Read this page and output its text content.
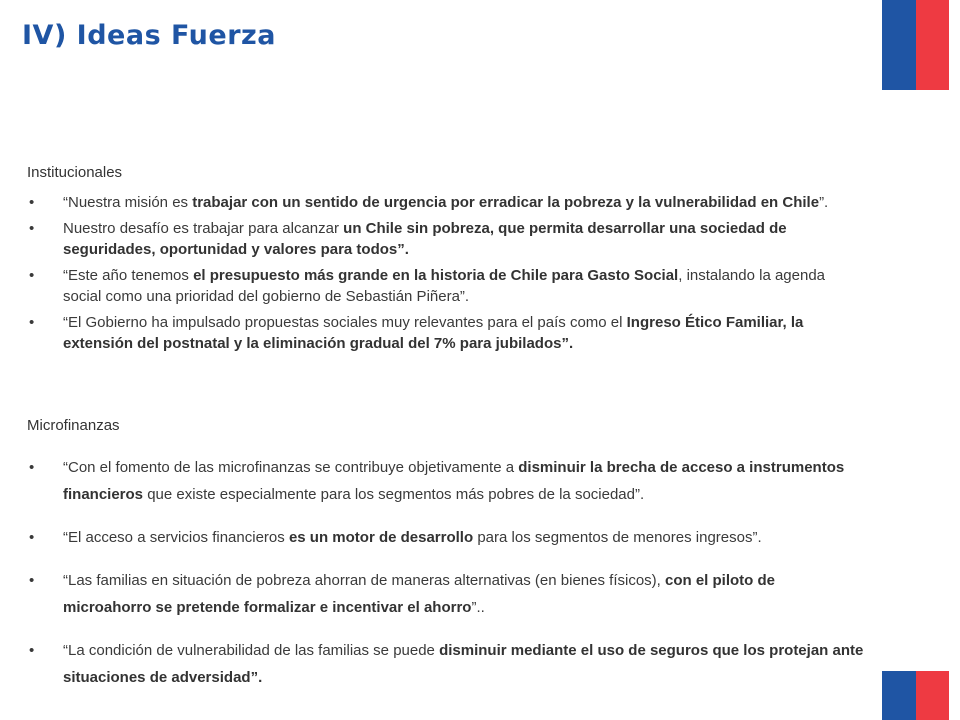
IV) Ideas Fuerza
Institucionales
• “Nuestra misión es trabajar con un sentido de urgencia por erradicar la pobreza y la vulnerabilidad en Chile”.
• Nuestro desafío es trabajar para alcanzar un Chile sin pobreza, que permita desarrollar una sociedad de seguridades, oportunidad y valores para todos”.
• “Este año tenemos el presupuesto más grande en la historia de Chile para Gasto Social, instalando la agenda social como una prioridad del gobierno de Sebastián Piñera”.
• “El Gobierno ha impulsado propuestas sociales muy relevantes para el país como el Ingreso Ético Familiar, la extensión del postnatal y la eliminación gradual del 7% para jubilados”.
Microfinanzas
• “Con el fomento de las microfinanzas se contribuye objetivamente a disminuir la brecha de acceso a instrumentos financieros que existe especialmente para los segmentos más pobres de la sociedad”.
• “El acceso a servicios financieros es un motor de desarrollo para los segmentos de menores ingresos”.
• “Las familias en situación de pobreza ahorran de maneras alternativas (en bienes físicos), con el piloto de microahorro se pretende formalizar e incentivar el ahorro”..
• “La condición de vulnerabilidad de las familias se puede disminuir mediante el uso de seguros que los protejan ante situaciones de adversidad”.
